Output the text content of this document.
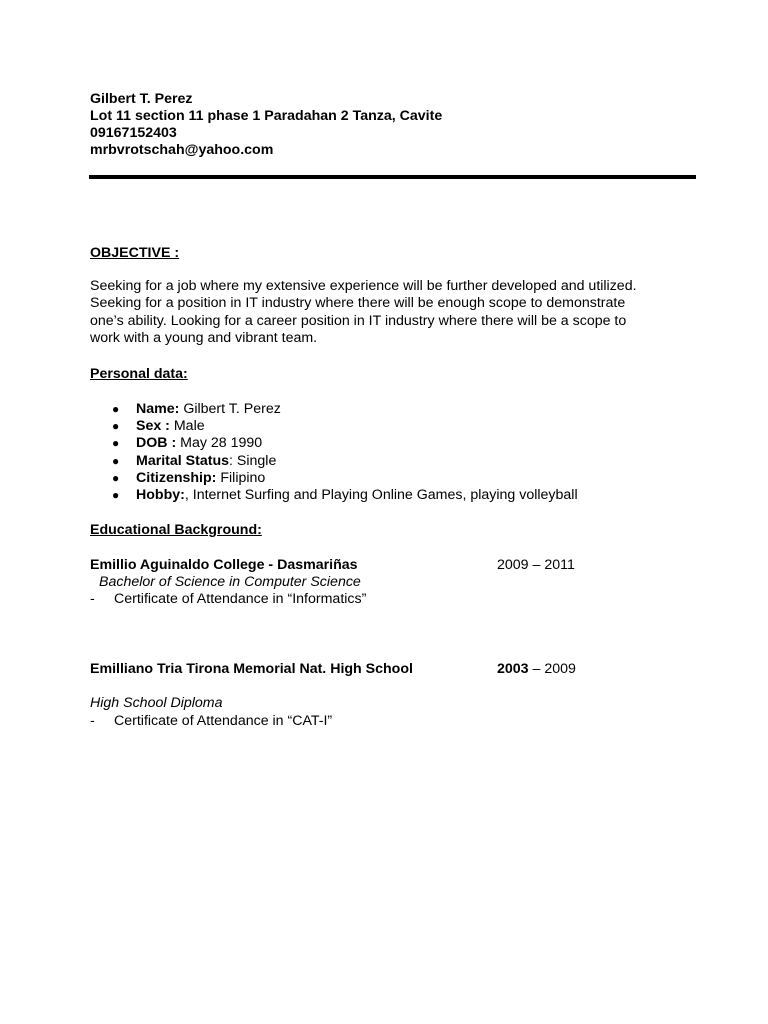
Gilbert T. Perez
Lot 11 section 11 phase 1 Paradahan 2 Tanza, Cavite
09167152403
mrbvrotschah@yahoo.com
OBJECTIVE :
Seeking for a job where my extensive experience will be further developed and utilized.
Seeking for a position in IT industry where there will be enough scope to demonstrate
one’s ability. Looking for a career position in IT industry where there will be a scope to
work with a young and vibrant team.
Personal data:
● Name: Gilbert T. Perez
● Sex : Male
● DOB : May 28 1990
● Marital Status: Single
● Citizenship: Filipino
● Hobby:, Internet Surfing and Playing Online Games, playing volleyball
Educational Background:
Emillio Aguinaldo College - Dasmariñas	2009 – 2011
Bachelor of Science in Computer Science
- Certificate of Attendance in “Informatics”
Emilliano Tria Tirona Memorial Nat. High School	2003 – 2009
High School Diploma
- Certificate of Attendance in “CAT-I”
